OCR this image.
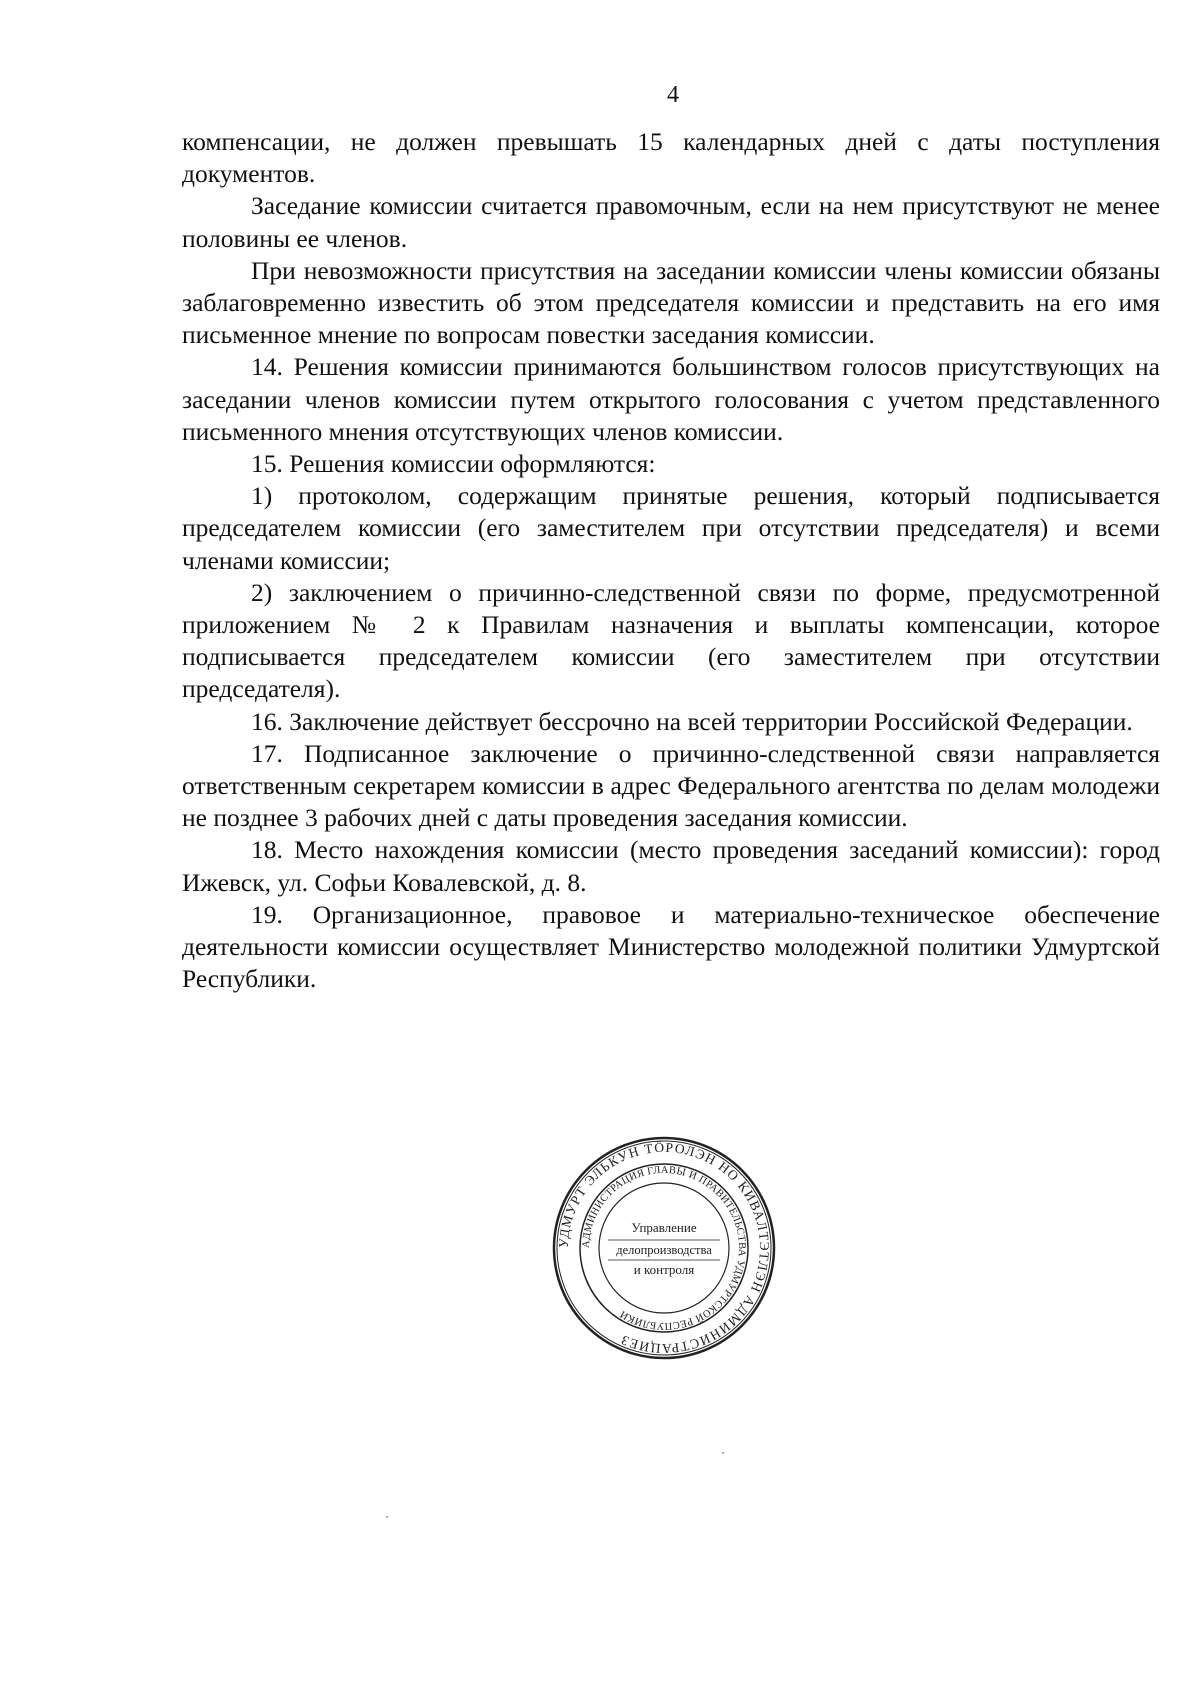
4

компенсации, не должен превышать 15 календарных дней с даты поступления документов.

Заседание комиссии считается правомочным, если на нем присутствуют не менее половины ее членов.

При невозможности присутствия на заседании комиссии члены комиссии обязаны заблаговременно известить об этом председателя комиссии и представить на его имя письменное мнение по вопросам повестки заседания комиссии.

14. Решения комиссии принимаются большинством голосов присутствующих на заседании членов комиссии путем открытого голосования с учетом представленного письменного мнения отсутствующих членов комиссии.

15. Решения комиссии оформляются:

1) протоколом, содержащим принятые решения, который подписывается председателем комиссии (его заместителем при отсутствии председателя) и всеми членами комиссии;

2) заключением о причинно-следственной связи по форме, предусмотренной приложением № 2 к Правилам назначения и выплаты компенсации, которое подписывается председателем комиссии (его заместителем при отсутствии председателя).

16. Заключение действует бессрочно на всей территории Российской Федерации.

17. Подписанное заключение о причинно-следственной связи направляется ответственным секретарем комиссии в адрес Федерального агентства по делам молодежи не позднее 3 рабочих дней с даты проведения заседания комиссии.

18. Место нахождения комиссии (место проведения заседаний комиссии): город Ижевск, ул. Софьи Ковалевской, д. 8.

19. Организационное, правовое и материально-техническое обеспечение деятельности комиссии осуществляет Министерство молодежной политики Удмуртской Республики.

УДМУРТ ЭЛЬКУН ТӦРОЛЭН НО КИВАЛТЭТЛЭН АДМИНИСТРАЦИЕЗ
АДМИНИСТРАЦИЯ ГЛАВЫ И ПРАВИТЕЛЬСТВА УДМУРТСКОЙ РЕСПУБЛИКИ
Управление
делопроизводства
и контроля
